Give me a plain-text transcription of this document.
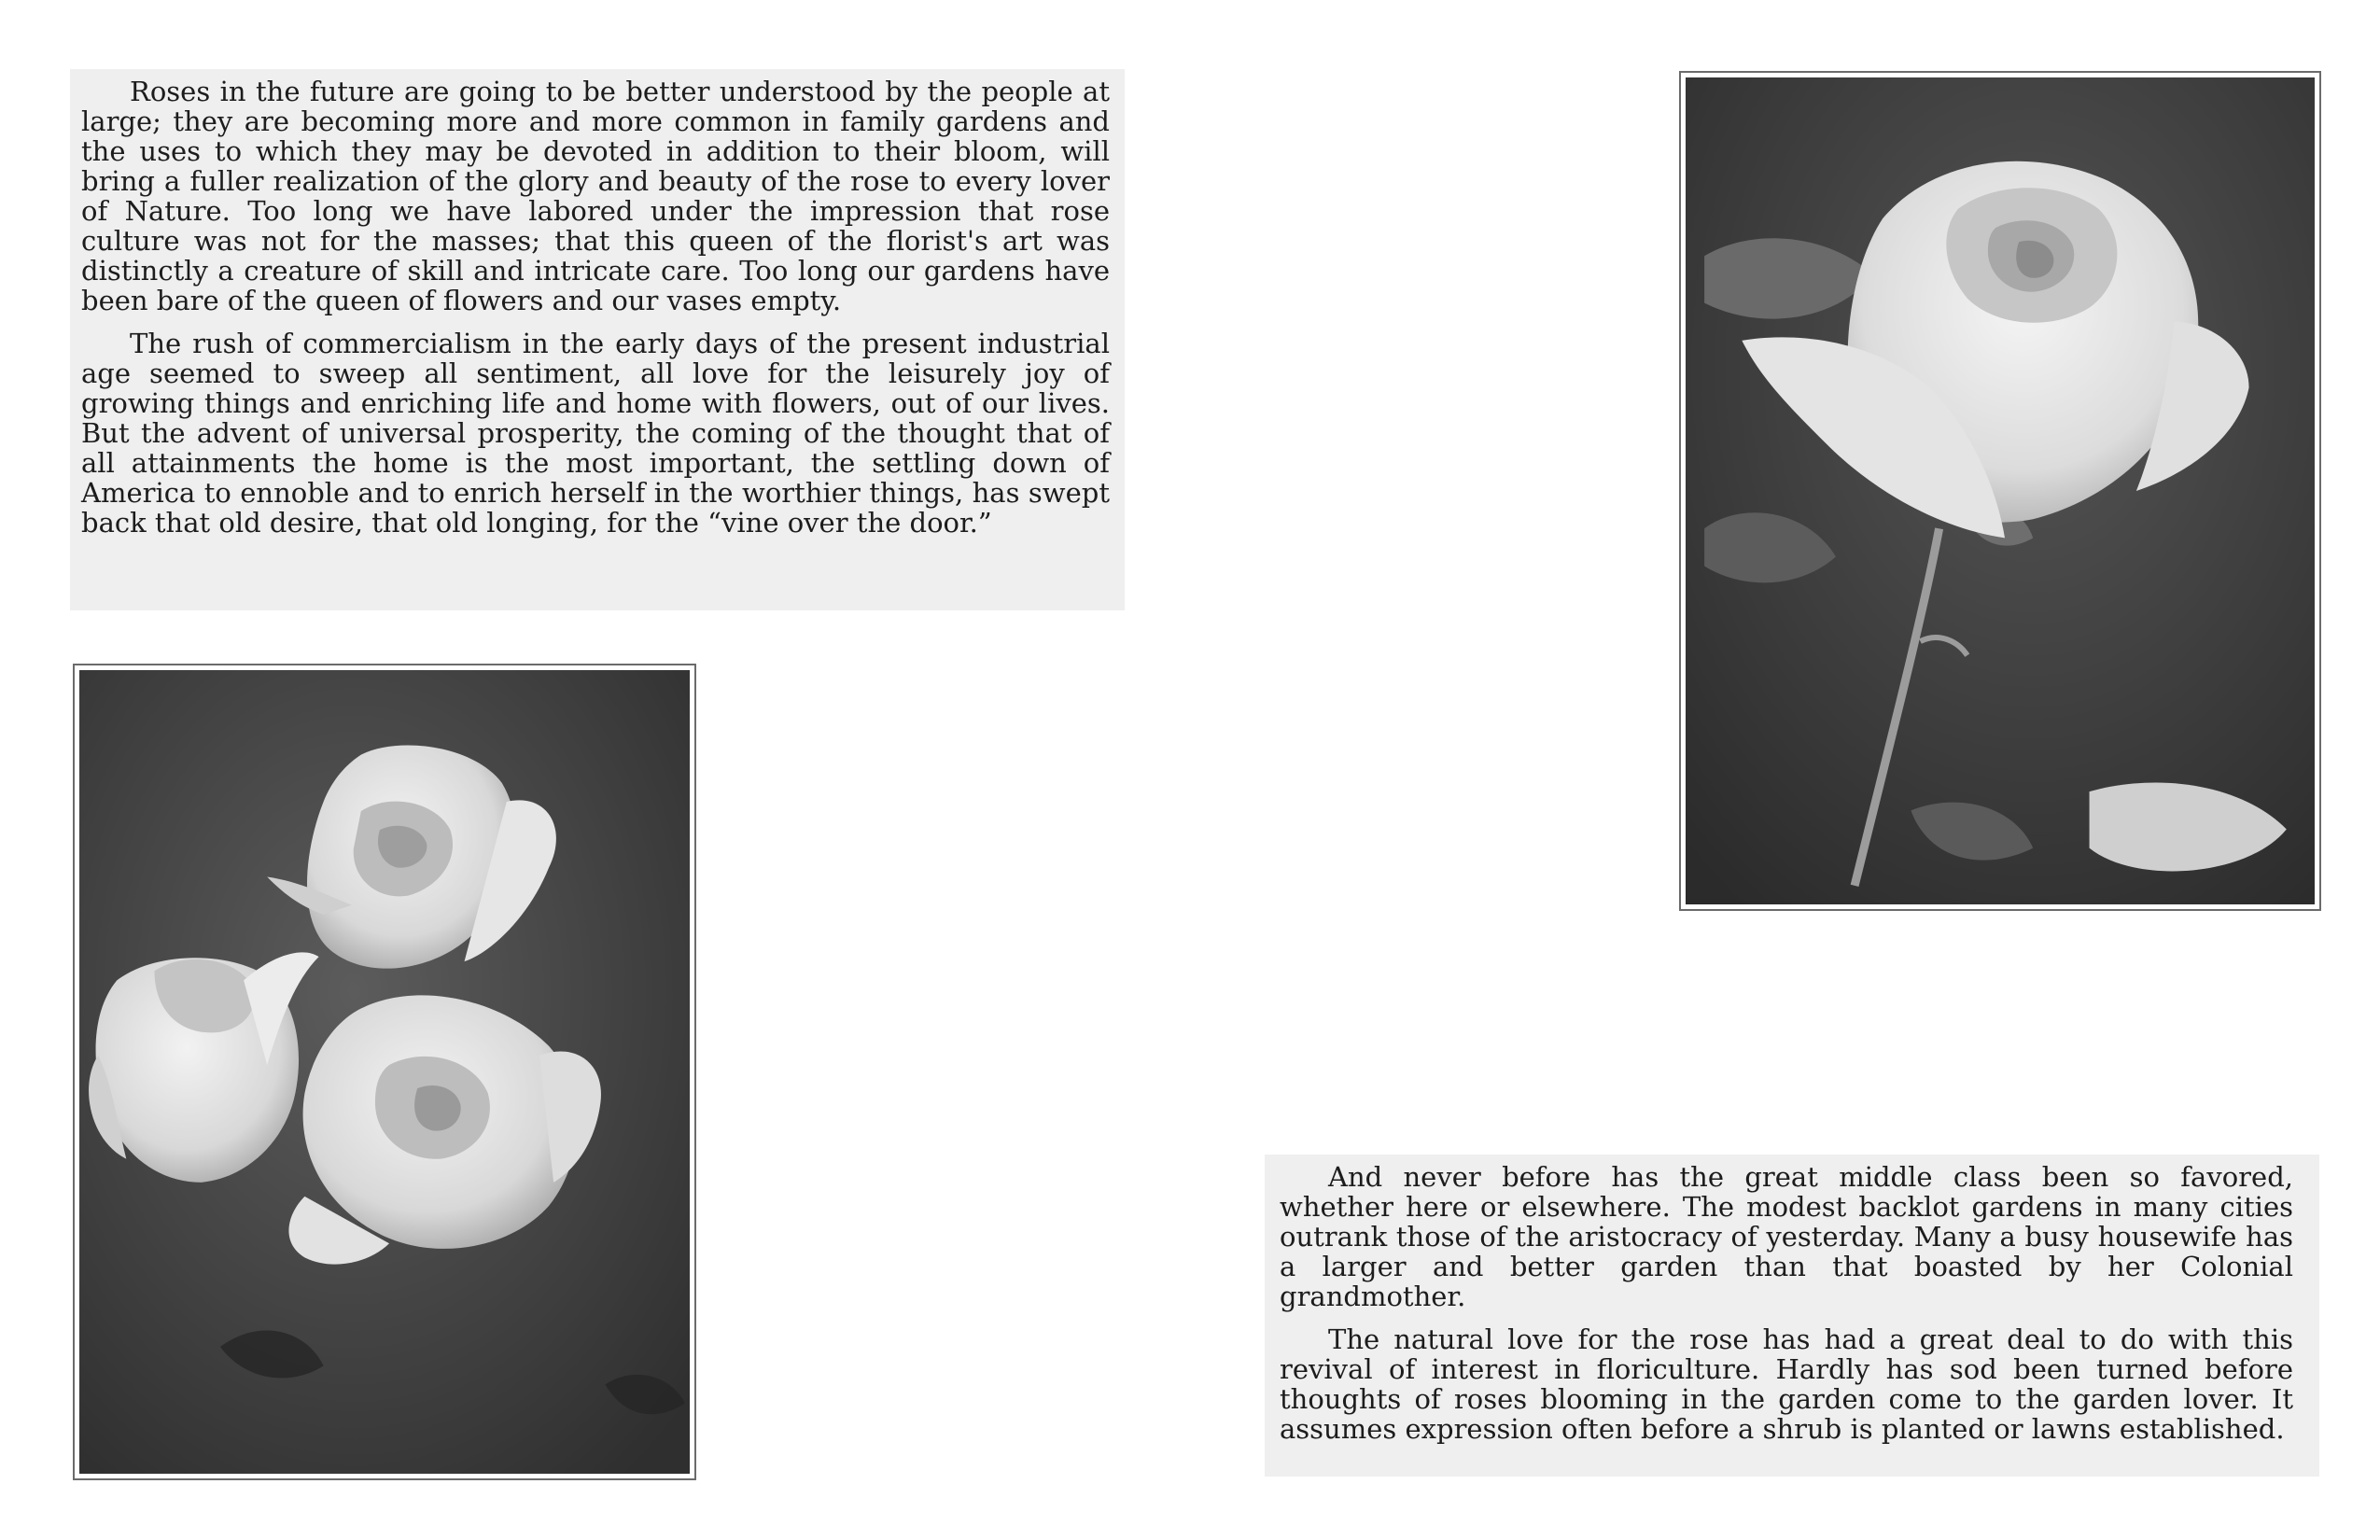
Roses in the future are going to be better understood by the people at large; they are becoming more and more common in family gardens and the uses to which they may be devoted in addition to their bloom, will bring a fuller realization of the glory and beauty of the rose to every lover of Nature. Too long we have labored under the impression that rose culture was not for the masses; that this queen of the florist's art was distinctly a creature of skill and intricate care. Too long our gardens have been bare of the queen of flowers and our vases empty.

The rush of commercialism in the early days of the present industrial age seemed to sweep all sentiment, all love for the leisurely joy of growing things and enriching life and home with flowers, out of our lives. But the advent of universal prosperity, the coming of the thought that of all attainments the home is the most important, the settling down of America to ennoble and to enrich herself in the worthier things, has swept back that old desire, that old longing, for the “vine over the door.”

And never before has the great middle class been so favored, whether here or elsewhere. The modest backlot gardens in many cities outrank those of the aristocracy of yesterday. Many a busy housewife has a larger and better garden than that boasted by her Colonial grandmother.

The natural love for the rose has had a great deal to do with this revival of interest in floriculture. Hardly has sod been turned before thoughts of roses blooming in the garden come to the garden lover. It assumes expression often before a shrub is planted or lawns established.
